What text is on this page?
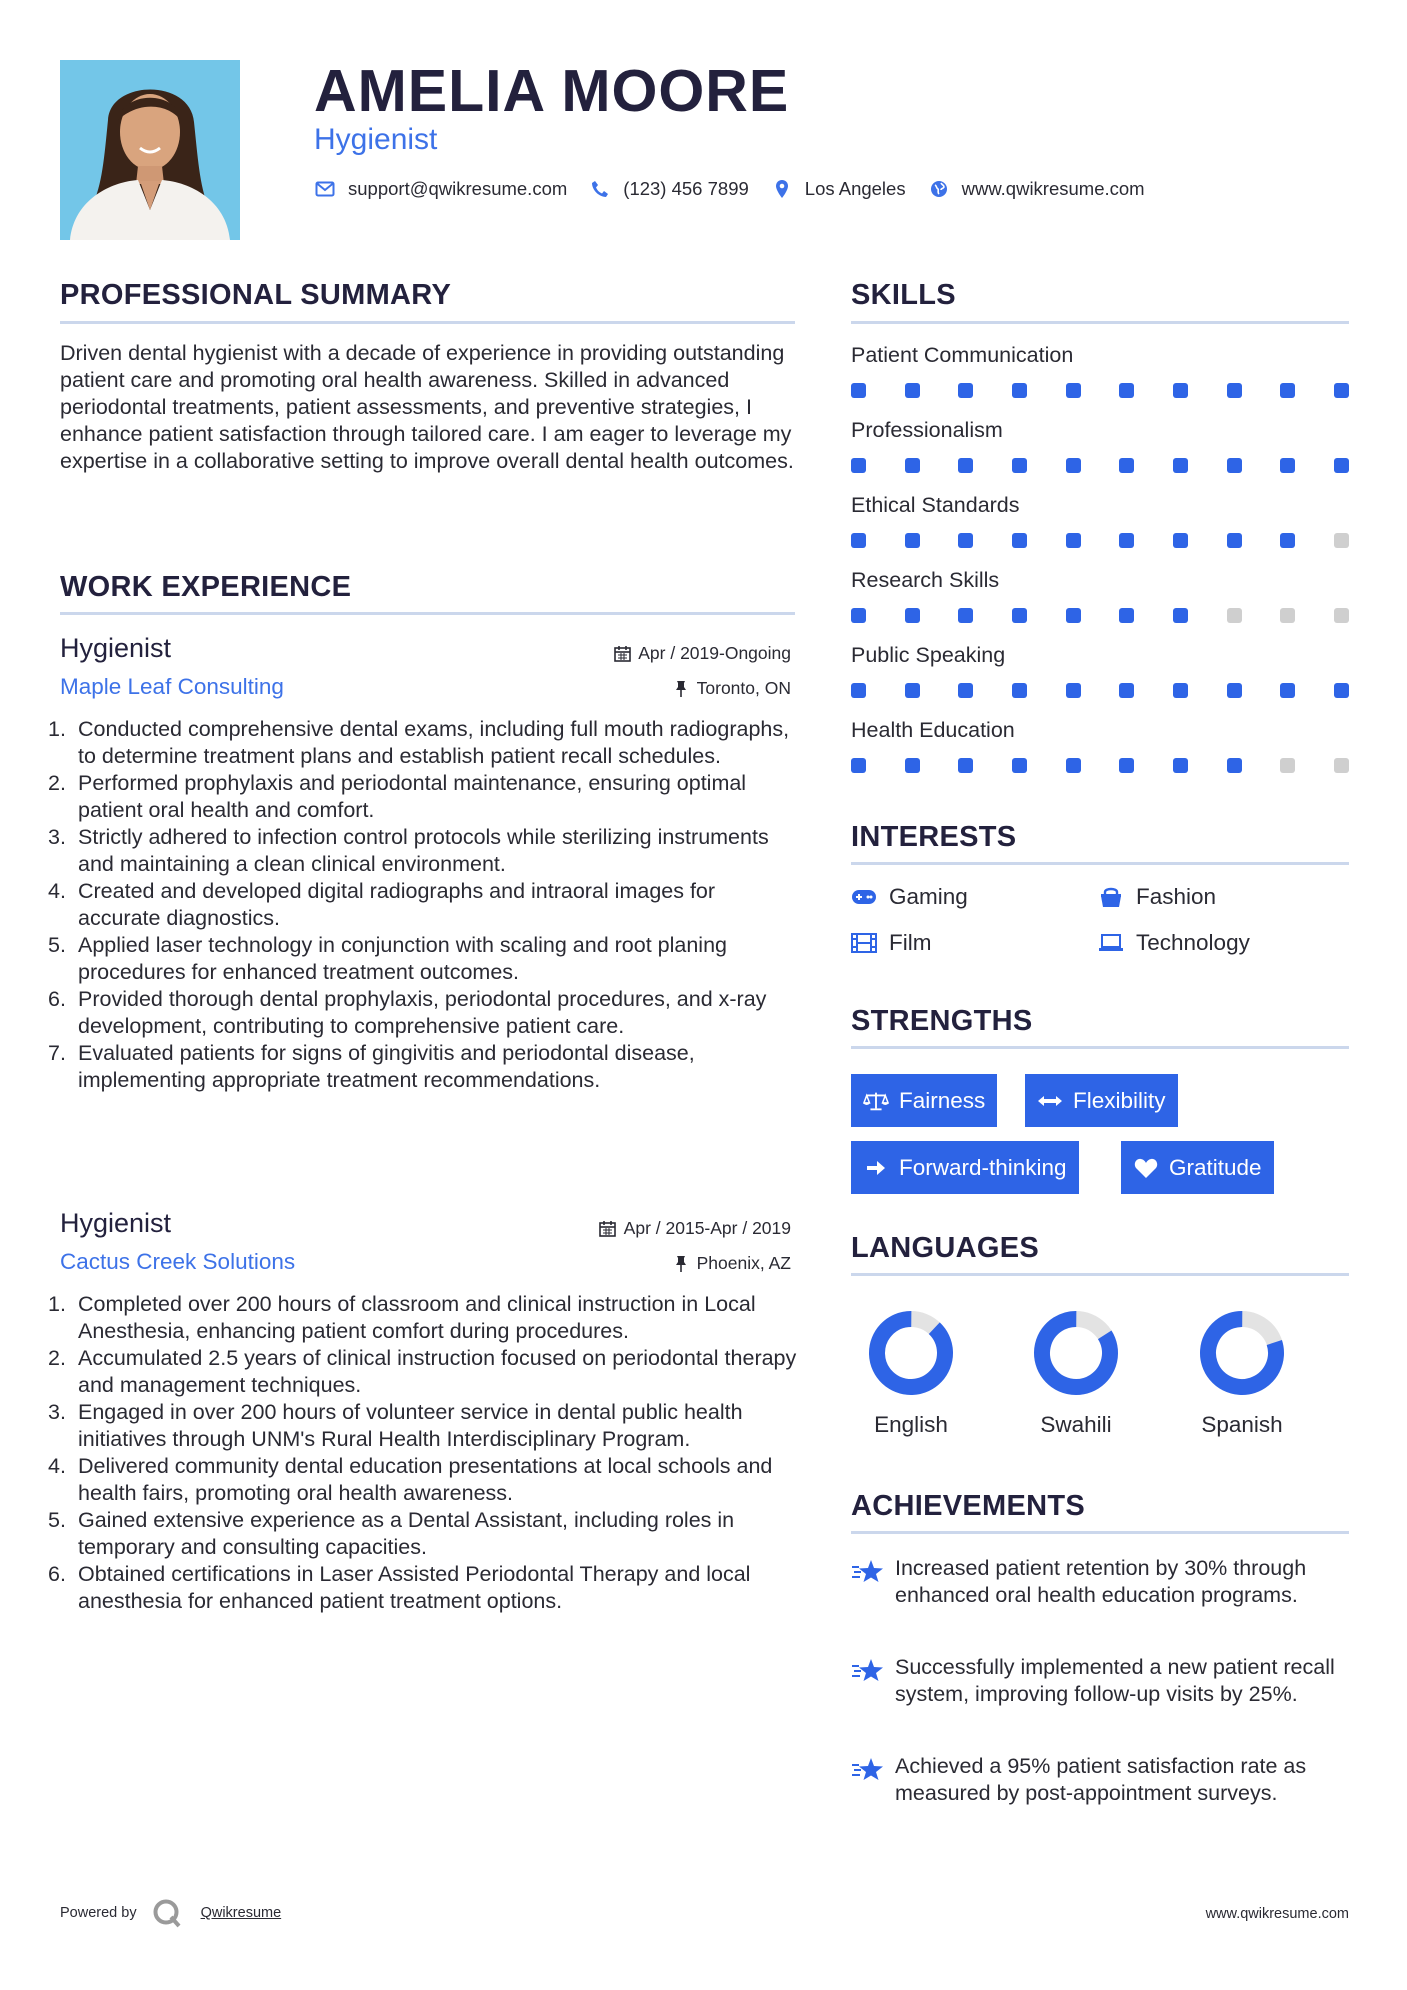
AMELIA MOORE
Hygienist
support@qwikresume.com	(123) 456 7899	Los Angeles	www.qwikresume.com
PROFESSIONAL SUMMARY
Driven dental hygienist with a decade of experience in providing outstanding patient care and promoting oral health awareness. Skilled in advanced periodontal treatments, patient assessments, and preventive strategies, I enhance patient satisfaction through tailored care. I am eager to leverage my expertise in a collaborative setting to improve overall dental health outcomes.
WORK EXPERIENCE
Hygienist	Apr / 2019-Ongoing
Maple Leaf Consulting	Toronto, ON
1. Conducted comprehensive dental exams, including full mouth radiographs, to determine treatment plans and establish patient recall schedules.
2. Performed prophylaxis and periodontal maintenance, ensuring optimal patient oral health and comfort.
3. Strictly adhered to infection control protocols while sterilizing instruments and maintaining a clean clinical environment.
4. Created and developed digital radiographs and intraoral images for accurate diagnostics.
5. Applied laser technology in conjunction with scaling and root planing procedures for enhanced treatment outcomes.
6. Provided thorough dental prophylaxis, periodontal procedures, and x-ray development, contributing to comprehensive patient care.
7. Evaluated patients for signs of gingivitis and periodontal disease, implementing appropriate treatment recommendations.
Hygienist	Apr / 2015-Apr / 2019
Cactus Creek Solutions	Phoenix, AZ
1. Completed over 200 hours of classroom and clinical instruction in Local Anesthesia, enhancing patient comfort during procedures.
2. Accumulated 2.5 years of clinical instruction focused on periodontal therapy and management techniques.
3. Engaged in over 200 hours of volunteer service in dental public health initiatives through UNM's Rural Health Interdisciplinary Program.
4. Delivered community dental education presentations at local schools and health fairs, promoting oral health awareness.
5. Gained extensive experience as a Dental Assistant, including roles in temporary and consulting capacities.
6. Obtained certifications in Laser Assisted Periodontal Therapy and local anesthesia for enhanced patient treatment options.
SKILLS
Patient Communication
Professionalism
Ethical Standards
Research Skills
Public Speaking
Health Education
INTERESTS
Gaming	Fashion
Film	Technology
STRENGTHS
Fairness	Flexibility
Forward-thinking	Gratitude
LANGUAGES
English	Swahili	Spanish
ACHIEVEMENTS
Increased patient retention by 30% through enhanced oral health education programs.
Successfully implemented a new patient recall system, improving follow-up visits by 25%.
Achieved a 95% patient satisfaction rate as measured by post-appointment surveys.
Powered by	Qwikresume	www.qwikresume.com
